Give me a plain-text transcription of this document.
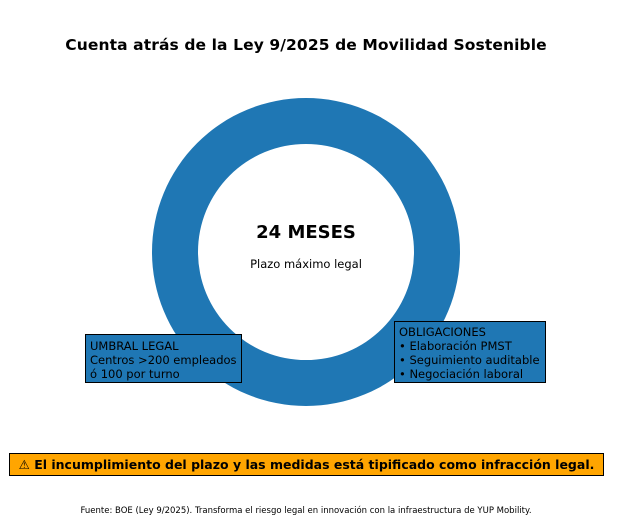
Cuenta atrás de la Ley 9/2025 de Movilidad Sostenible
24 MESES
Plazo máximo legal
UMBRAL LEGAL
Centros >200 empleados
ó 100 por turno
OBLIGACIONES
• Elaboración PMST
• Seguimiento auditable
• Negociación laboral
⚠ El incumplimiento del plazo y las medidas está tipificado como infracción legal.
Fuente: BOE (Ley 9/2025). Transforma el riesgo legal en innovación con la infraestructura de YUP Mobility.
